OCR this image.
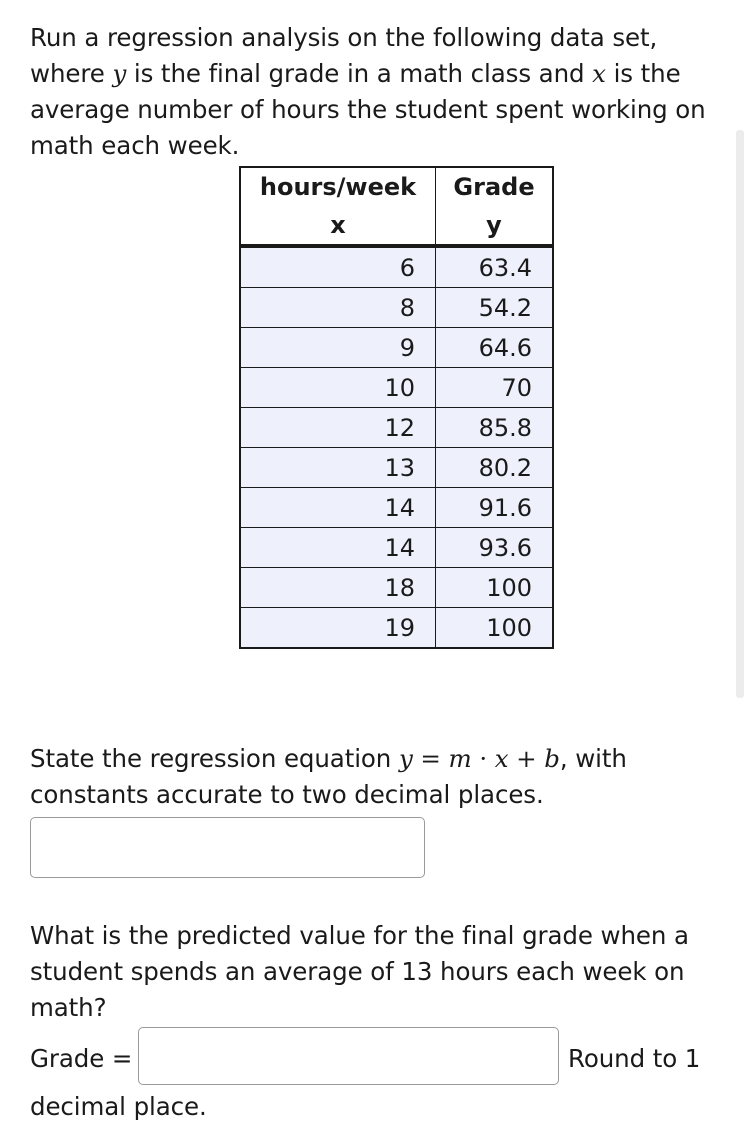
Run a regression analysis on the following data set, where y is the final grade in a math class and x is the average number of hours the student spent working on math each week.
hours/week	Grade
x	y
6	63.4
8	54.2
9	64.6
10	70
12	85.8
13	80.2
14	91.6
14	93.6
18	100
19	100
State the regression equation y = m · x + b, with constants accurate to two decimal places.
What is the predicted value for the final grade when a student spends an average of 13 hours each week on math?
Grade =	Round to 1
decimal place.
